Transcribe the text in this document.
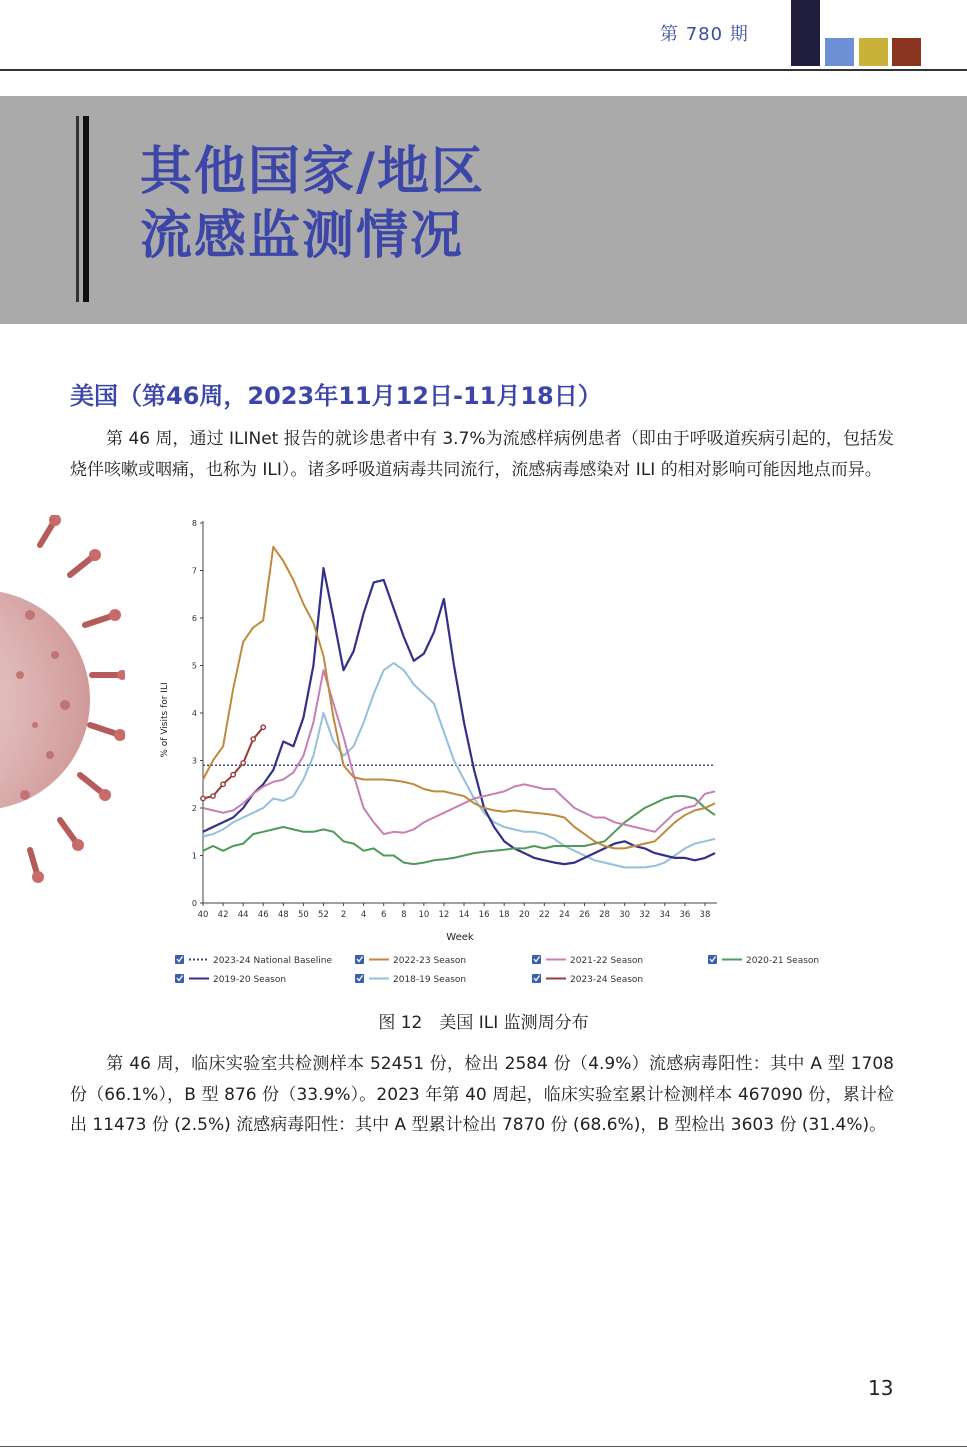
第 780 期
其他国家/地区
流感监测情况
美国（第46周，2023年11月12日-11月18日）
第 46 周，通过 ILINet 报告的就诊患者中有 3.7%为流感样病例患者（即由于呼吸道疾病引起的，包括发烧伴咳嗽或咽痛，也称为 ILI）。诸多呼吸道病毒共同流行，流感病毒感染对 ILI 的相对影响可能因地点而异。
0
1
2
3
4
5
6
7
8
40 42 44 46 48 50 52 2 4 6 8 10 12 14 16 18 20 22 24 26 28 30 32 34 36 38
% of Visits for ILI
Week
2023-24 National Baseline	2022-23 Season	2021-22 Season	2020-21 Season
2019-20 Season	2018-19 Season	2023-24 Season
图 12　美国 ILI 监测周分布
第 46 周，临床实验室共检测样本 52451 份，检出 2584 份（4.9%）流感病毒阳性：其中 A 型 1708 份（66.1%），B 型 876 份（33.9%）。2023 年第 40 周起，临床实验室累计检测样本 467090 份，累计检出 11473 份 (2.5%) 流感病毒阳性：其中 A 型累计检出 7870 份 (68.6%)，B 型检出 3603 份 (31.4%)。
13
